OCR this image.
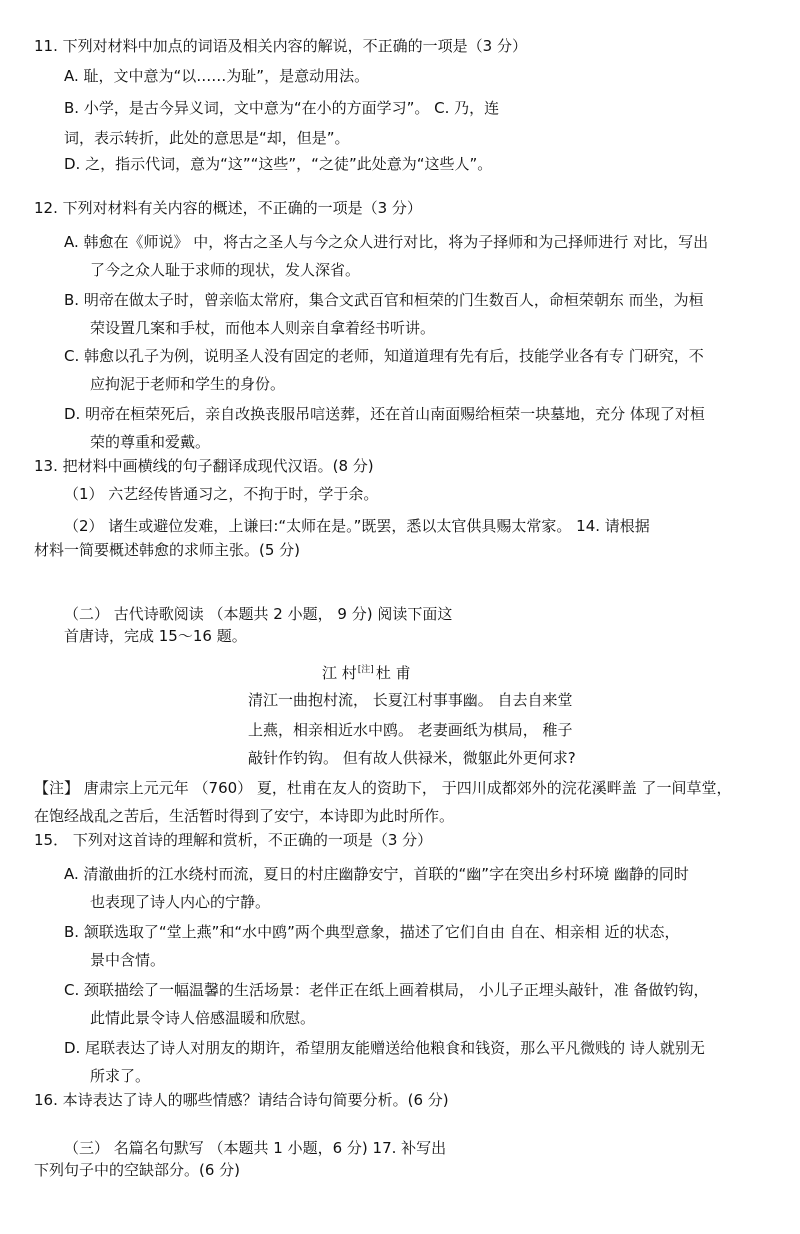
11. 下列对材料中加点的词语及相关内容的解说，不正确的一项是（3 分）
A. 耻，文中意为“以……为耻”，是意动用法。
B. 小学，是古今异义词，文中意为“在小的方面学习”。 C. 乃，连
词，表示转折，此处的意思是“却，但是”。
D. 之，指示代词，意为“这”“这些”，“之徒”此处意为“这些人”。
12. 下列对材料有关内容的概述，不正确的一项是（3 分）
A. 韩愈在《师说》 中，将古之圣人与今之众人进行对比，将为子择师和为己择师进行 对比，写出
了今之众人耻于求师的现状，发人深省。
B. 明帝在做太子时，曾亲临太常府，集合文武百官和桓荣的门生数百人，命桓荣朝东 而坐，为桓
荣设置几案和手杖，而他本人则亲自拿着经书听讲。
C. 韩愈以孔子为例，说明圣人没有固定的老师，知道道理有先有后，技能学业各有专 门研究，不
应拘泥于老师和学生的身份。
D. 明帝在桓荣死后，亲自改换丧服吊唁送葬，还在首山南面赐给桓荣一块墓地，充分 体现了对桓
荣的尊重和爱戴。
13. 把材料中画横线的句子翻译成现代汉语。(8 分)
（1） 六艺经传皆通习之，不拘于时，学于余。
（2） 诸生或避位发难，上谦曰:“太师在是。”既罢，悉以太官供具赐太常家。 14. 请根据
材料一简要概述韩愈的求师主张。(5 分)
（二） 古代诗歌阅读 （本题共 2 小题， 9 分) 阅读下面这
首唐诗，完成 15～16 题。
江 村[注] 杜 甫
清江一曲抱村流， 长夏江村事事幽。 自去自来堂
上燕，相亲相近水中鸥。 老妻画纸为棋局， 稚子
敲针作钓钩。 但有故人供禄米，微躯此外更何求?
【注】 唐肃宗上元元年 （760） 夏，杜甫在友人的资助下， 于四川成都郊外的浣花溪畔盖 了一间草堂，
在饱经战乱之苦后，生活暂时得到了安宁，本诗即为此时所作。
15． 下列对这首诗的理解和赏析，不正确的一项是（3 分）
A. 清澈曲折的江水绕村而流，夏日的村庄幽静安宁，首联的“幽”字在突出乡村环境 幽静的同时
也表现了诗人内心的宁静。
B. 颔联选取了“堂上燕”和“水中鸥”两个典型意象，描述了它们自由 自在、相亲相 近的状态，
景中含情。
C. 颈联描绘了一幅温馨的生活场景：老伴正在纸上画着棋局， 小儿子正埋头敲针，准 备做钓钩，
此情此景令诗人倍感温暖和欣慰。
D. 尾联表达了诗人对朋友的期许，希望朋友能赠送给他粮食和钱资，那么平凡微贱的 诗人就别无
所求了。
16. 本诗表达了诗人的哪些情感？请结合诗句简要分析。(6 分)
（三） 名篇名句默写 （本题共 1 小题，6 分) 17. 补写出
下列句子中的空缺部分。(6 分)
